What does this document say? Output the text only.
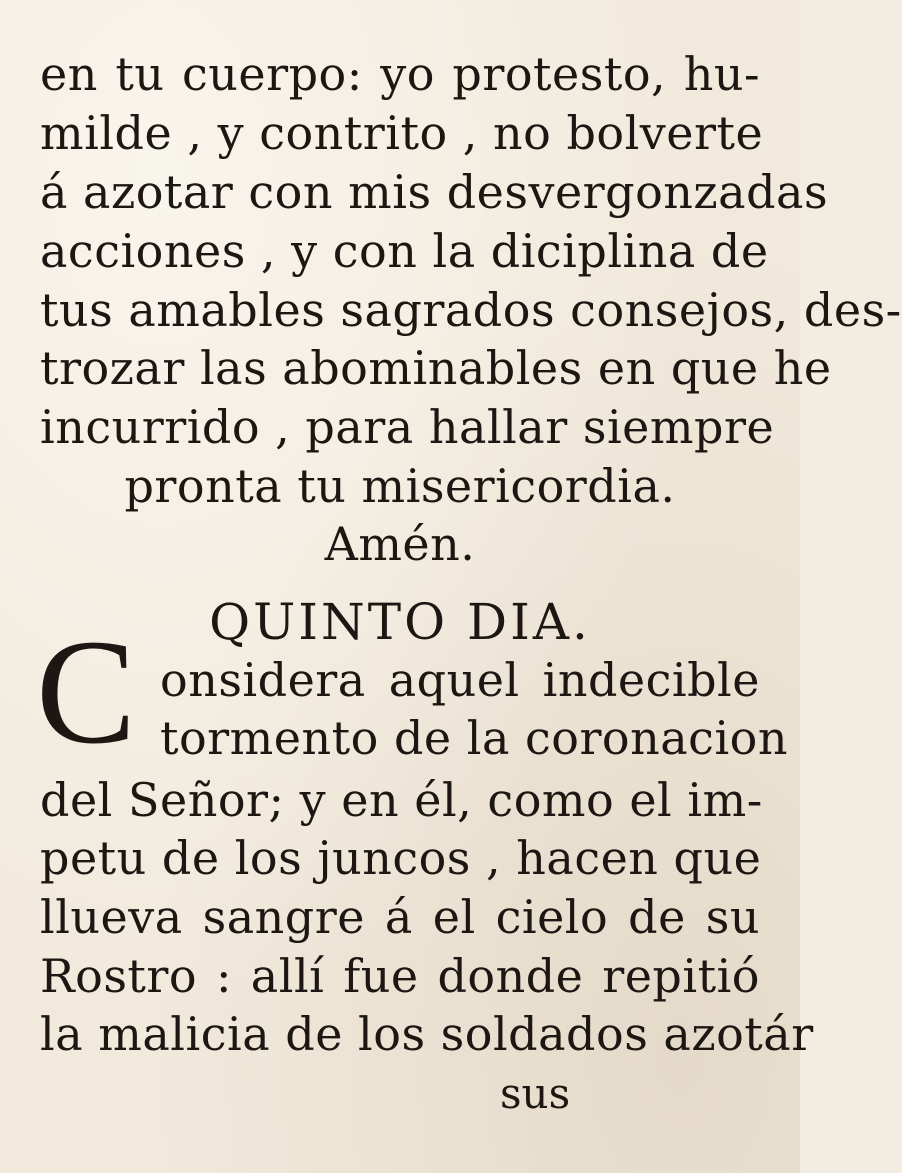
en tu cuerpo: yo protesto, hu-
milde , y contrito , no bolverte
á azotar con mis desvergonzadas
acciones , y con la diciplina de
tus amables sagrados consejos, des-
trozar las abominables en que he
incurrido , para hallar siempre
pronta tu misericordia.
Amén.
QUINTO DIA.
C onsidera aquel indecible
tormento de la coronacion
del Señor; y en él, como el im-
petu de los juncos , hacen que
llueva sangre á el cielo de su
Rostro : allí fue donde repitió
la malicia de los soldados azotár
sus
